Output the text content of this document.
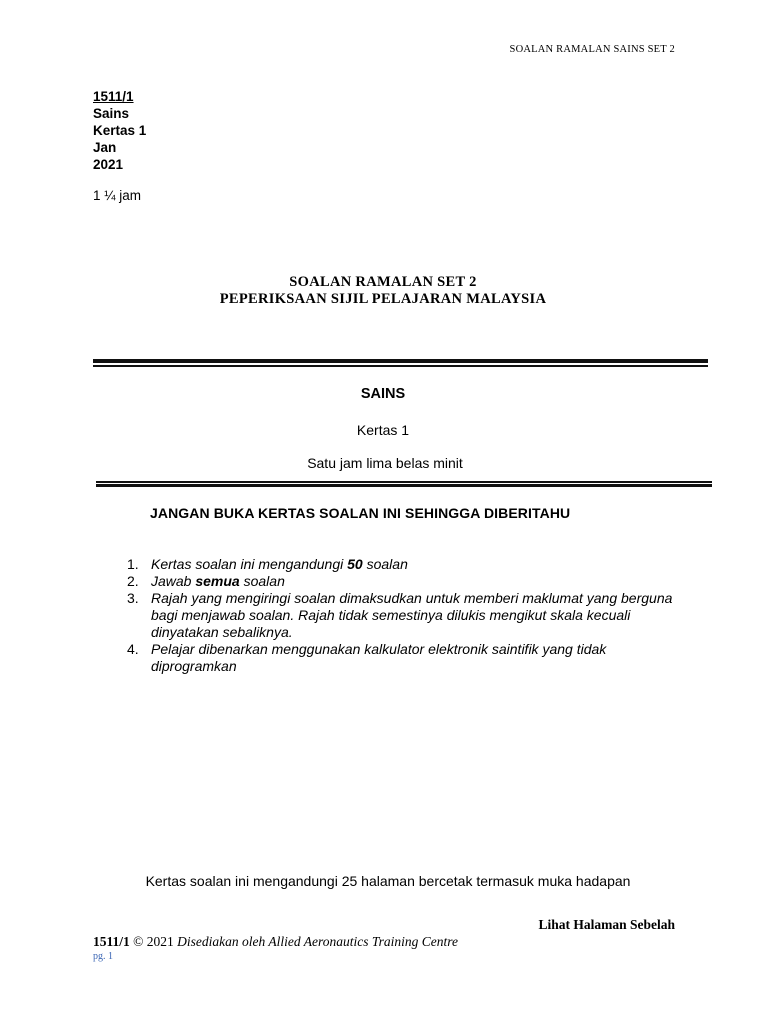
SOALAN RAMALAN SAINS SET 2
1511/1
Sains
Kertas 1
Jan
2021
1 ¼ jam
SOALAN RAMALAN SET 2
PEPERIKSAAN SIJIL PELAJARAN MALAYSIA
SAINS
Kertas 1
Satu jam lima belas minit
JANGAN BUKA KERTAS SOALAN INI SEHINGGA DIBERITAHU
1. Kertas soalan ini mengandungi 50 soalan
2. Jawab semua soalan
3. Rajah yang mengiringi soalan dimaksudkan untuk memberi maklumat yang berguna bagi menjawab soalan. Rajah tidak semestinya dilukis mengikut skala kecuali dinyatakan sebaliknya.
4. Pelajar dibenarkan menggunakan kalkulator elektronik saintifik yang tidak diprogramkan
Kertas soalan ini mengandungi 25 halaman bercetak termasuk muka hadapan
Lihat Halaman Sebelah
1511/1 © 2021 Disediakan oleh Allied Aeronautics Training Centre
pg. 1
